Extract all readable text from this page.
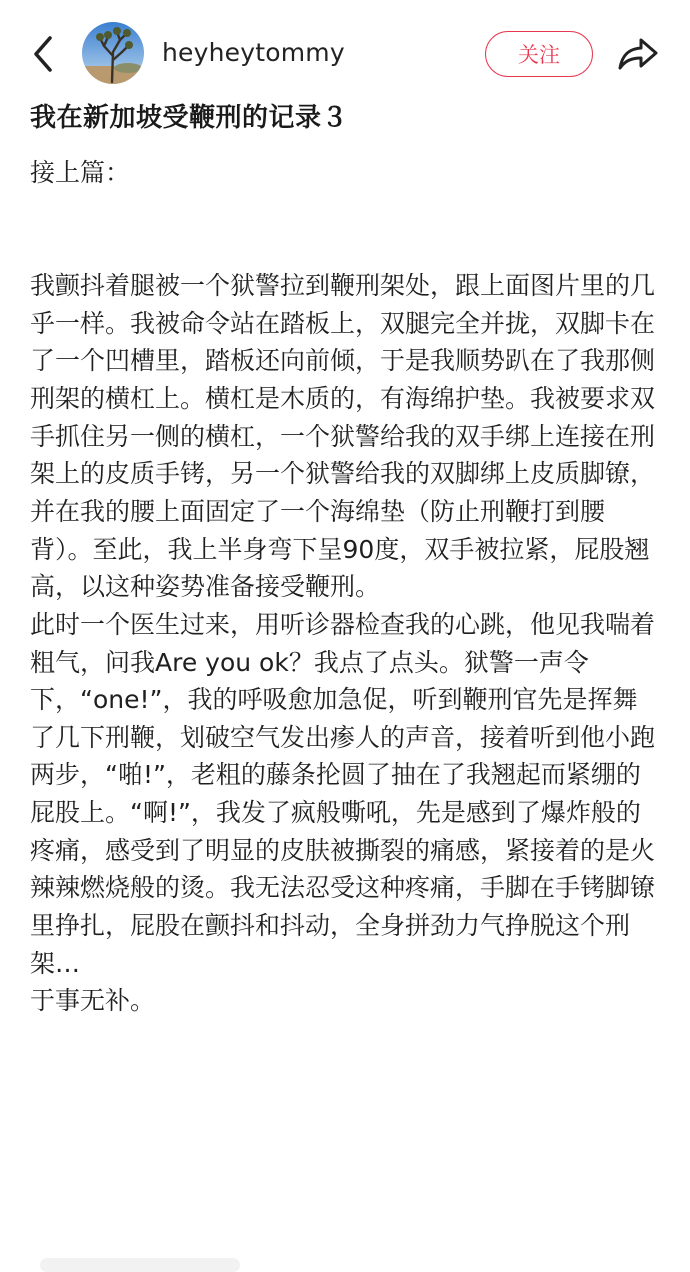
heyheytommy	关注
我在新加坡受鞭刑的记录３

接上篇：

我颤抖着腿被一个狱警拉到鞭刑架处，跟上面图片里的几乎一样。我被命令站在踏板上，双腿完全并拢，双脚卡在了一个凹槽里，踏板还向前倾，于是我顺势趴在了我那侧刑架的横杠上。横杠是木质的，有海绵护垫。我被要求双手抓住另一侧的横杠，一个狱警给我的双手绑上连接在刑架上的皮质手铐，另一个狱警给我的双脚绑上皮质脚镣，并在我的腰上面固定了一个海绵垫（防止刑鞭打到腰背）。至此，我上半身弯下呈90度，双手被拉紧，屁股翘高，以这种姿势准备接受鞭刑。

此时一个医生过来，用听诊器检查我的心跳，他见我喘着粗气，问我Are you ok？我点了点头。狱警一声令下，“one!”，我的呼吸愈加急促，听到鞭刑官先是挥舞了几下刑鞭，划破空气发出瘆人的声音，接着听到他小跑两步，“啪!”，老粗的藤条抡圆了抽在了我翘起而紧绷的屁股上。“啊!”，我发了疯般嘶吼，先是感到了爆炸般的疼痛，感受到了明显的皮肤被撕裂的痛感，紧接着的是火辣辣燃烧般的烫。我无法忍受这种疼痛，手脚在手铐脚镣里挣扎，屁股在颤抖和抖动，全身拼劲力气挣脱这个刑架…

于事无补。
